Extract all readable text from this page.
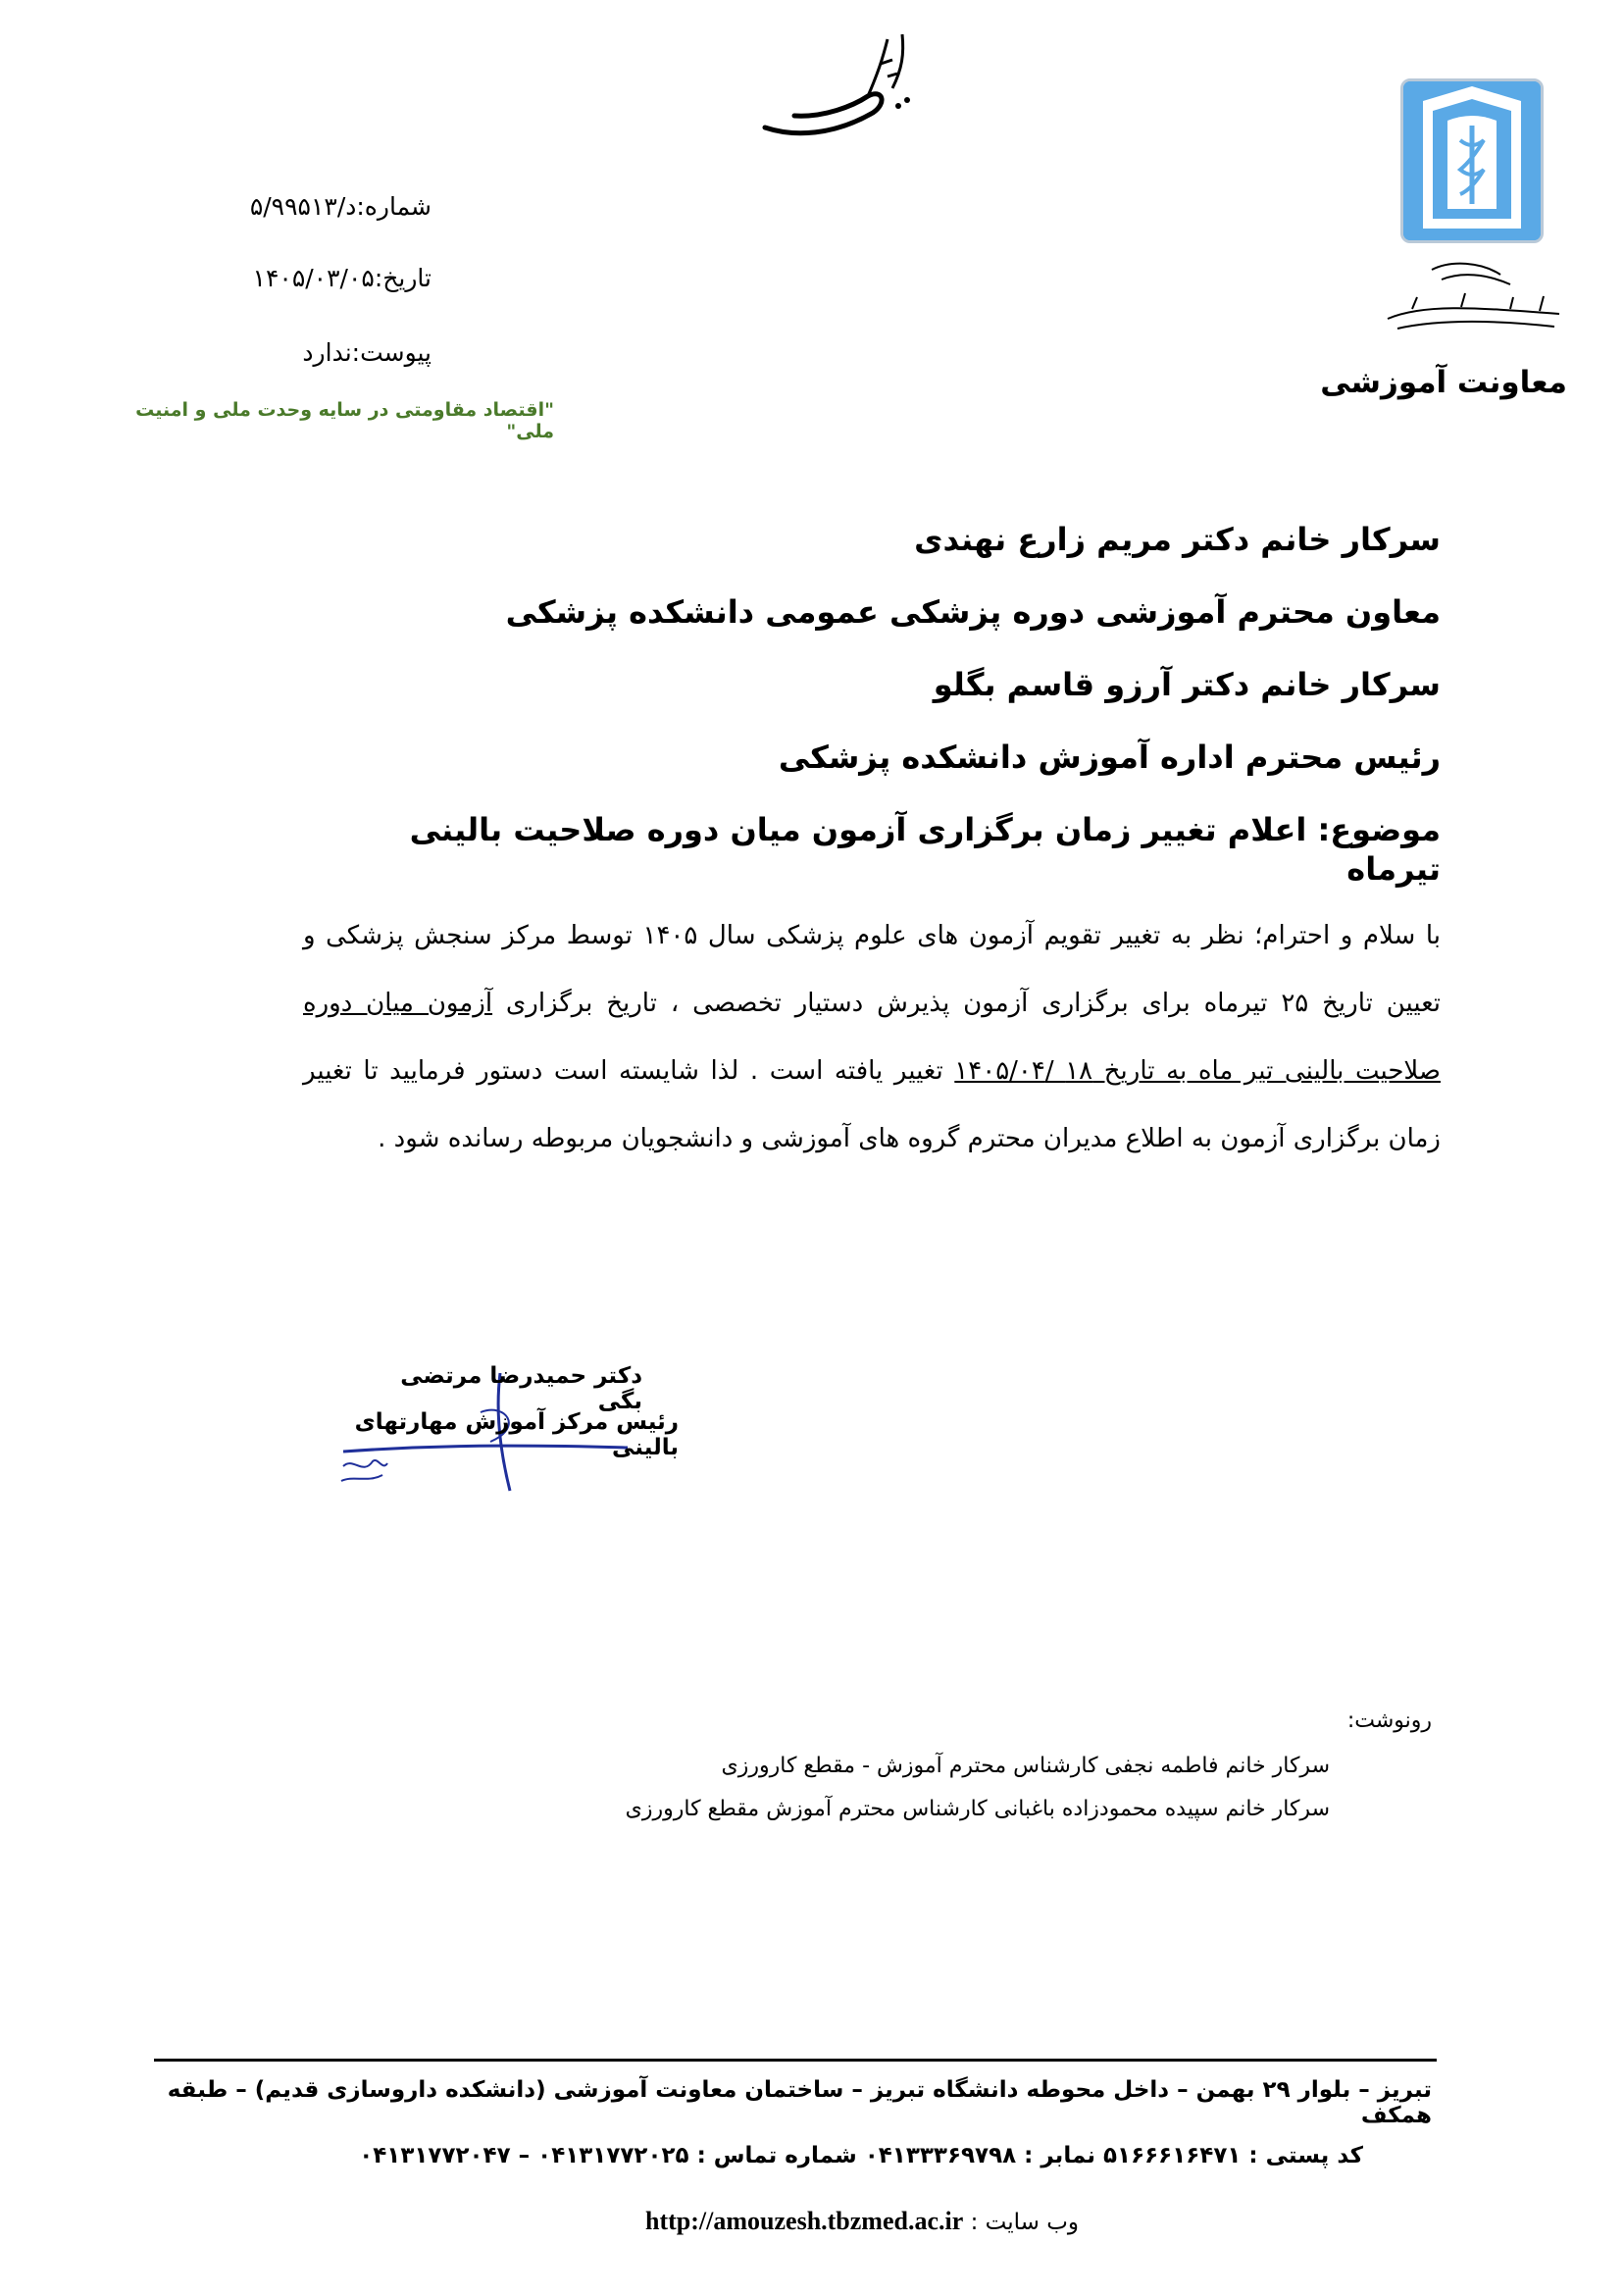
معاونت آموزشی
شماره:۵/د/۹۹۵۱۳
تاریخ:۱۴۰۵/۰۳/۰۵
پیوست:ندارد
"اقتصاد مقاومتی در سایه وحدت ملی و امنیت ملی"
سرکار خانم دکتر مریم زارع نهندی
معاون محترم آموزشی دوره پزشکی عمومی دانشکده پزشکی
سرکار خانم دکتر آرزو قاسم بگلو
رئیس محترم اداره آموزش دانشکده پزشکی
موضوع: اعلام تغییر زمان برگزاری آزمون میان دوره صلاحیت بالینی تیرماه
با سلام و احترام؛ نظر به تغییر تقویم آزمون های علوم پزشکی سال ۱۴۰۵ توسط مرکز سنجش پزشکی و تعیین تاریخ ۲۵ تیرماه برای برگزاری آزمون پذیرش دستیار تخصصی ، تاریخ برگزاری آزمون میان دوره صلاحیت بالینی تیر ماه به تاریخ ۱۸ /۱۴۰۵/۰۴ تغییر یافته است . لذا شایسته است دستور فرمایید تا تغییر زمان برگزاری آزمون به اطلاع مدیران محترم گروه های آموزشی و دانشجویان مربوطه رسانده شود .
دکتر حمیدرضا مرتضی بگی
رئیس مرکز آموزش مهارتهای بالینی
رونوشت:
سرکار خانم فاطمه نجفی کارشناس محترم آموزش - مقطع کارورزی
سرکار خانم سپیده محمودزاده باغبانی کارشناس محترم آموزش مقطع کارورزی
تبریز – بلوار ۲۹ بهمن – داخل محوطه دانشگاه تبریز – ساختمان معاونت آموزشی (دانشکده داروسازی قدیم) – طبقه همکف
کد پستی : ۵۱۶۶۶۱۶۴۷۱ نمابر : ۰۴۱۳۳۳۶۹۷۹۸ شماره تماس : ۰۴۱۳۱۷۷۲۰۲۵ – ۰۴۱۳۱۷۷۲۰۴۷
وب سایت : http://amouzesh.tbzmed.ac.ir
